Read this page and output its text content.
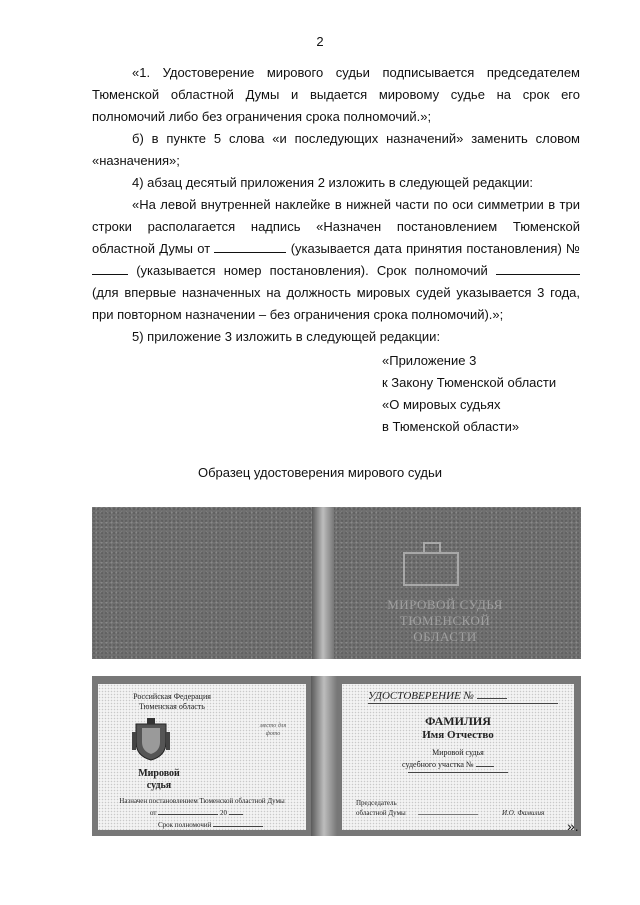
2
«1. Удостоверение мирового судьи подписывается председателем Тюменской областной Думы и выдается мировому судье на срок его полномочий либо без ограничения срока полномочий.»;
б) в пункте 5 слова «и последующих назначений» заменить словом «назначения»;
4) абзац десятый приложения 2 изложить в следующей редакции:
«На левой внутренней наклейке в нижней части по оси симметрии в три строки располагается надпись «Назначен постановлением Тюменской областной Думы от	(указывается дата принятия постановления) №  (указывается номер постановления). Срок полномочий  (для впервые назначенных на должность мировых судей указывается 3 года, при повторном назначении – без ограничения срока полномочий).»;
5) приложение 3 изложить в следующей редакции:
«Приложение 3
к Закону Тюменской области
«О мировых судьях
в Тюменской области»
Образец удостоверения мирового судьи
МИРОВОЙ СУДЬЯ
ТЮМЕНСКОЙ ОБЛАСТИ
Российская Федерация
Тюменская область
место для фото
Мировой
судья
Назначен постановлением Тюменской областной Думы
от	20
Срок полномочий
УДОСТОВЕРЕНИЕ №
ФАМИЛИЯ
Имя Отчество
Мировой судья
судебного участка №
Председатель
областной Думы	И.О. Фамилия
».
